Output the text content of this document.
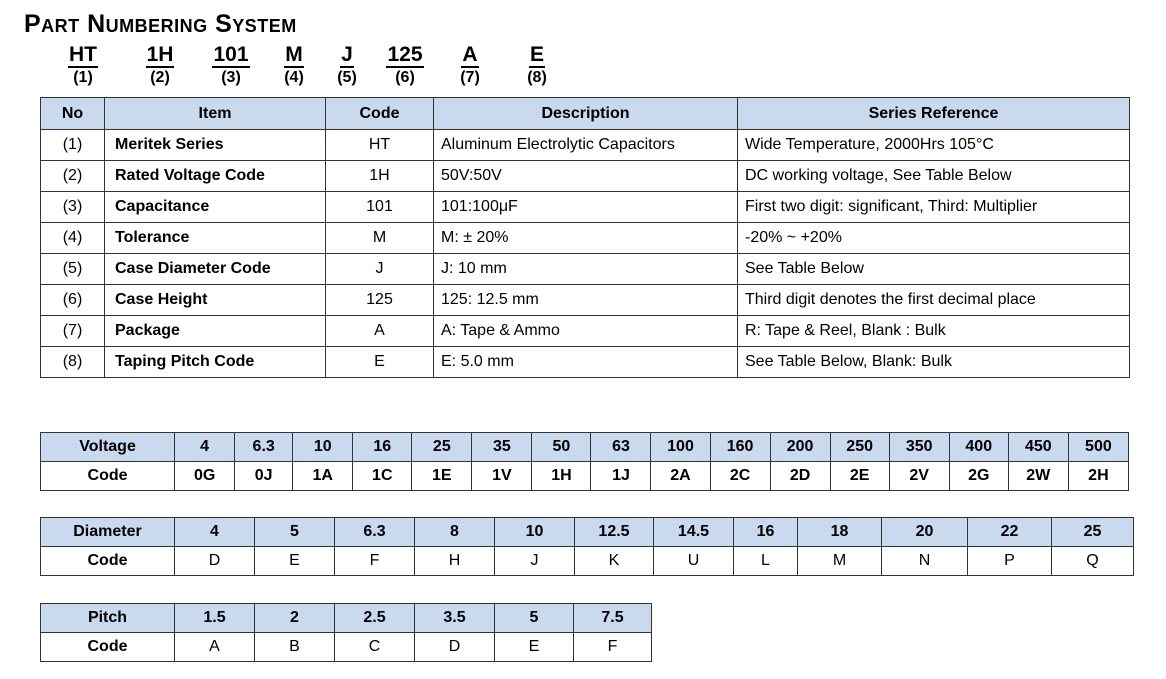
Part Numbering System
HT
(1)
1H
(2)
101
(3)
M
(4)
J
(5)
125
(6)
A
(7)
E
(8)
No	Item	Code	Description	Series Reference
(1)	Meritek Series	HT	Aluminum Electrolytic Capacitors	Wide Temperature, 2000Hrs 105°C
(2)	Rated Voltage Code	1H	50V:50V	DC working voltage, See Table Below
(3)	Capacitance	101	101:100μF	First two digit: significant, Third: Multiplier
(4)	Tolerance	M	M: ± 20%	-20% ~ +20%
(5)	Case Diameter Code	J	J: 10 mm	See Table Below
(6)	Case Height	125	125: 12.5 mm	Third digit denotes the first decimal place
(7)	Package	A	A: Tape & Ammo	R: Tape & Reel, Blank : Bulk
(8)	Taping Pitch Code	E	E: 5.0 mm	See Table Below, Blank: Bulk
Voltage	4	6.3	10	16	25	35	50	63	100	160	200	250	350	400	450	500
Code	0G	0J	1A	1C	1E	1V	1H	1J	2A	2C	2D	2E	2V	2G	2W	2H
Diameter	4	5	6.3	8	10	12.5	14.5	16	18	20	22	25
Code	D	E	F	H	J	K	U	L	M	N	P	Q
Pitch	1.5	2	2.5	3.5	5	7.5
Code	A	B	C	D	E	F
